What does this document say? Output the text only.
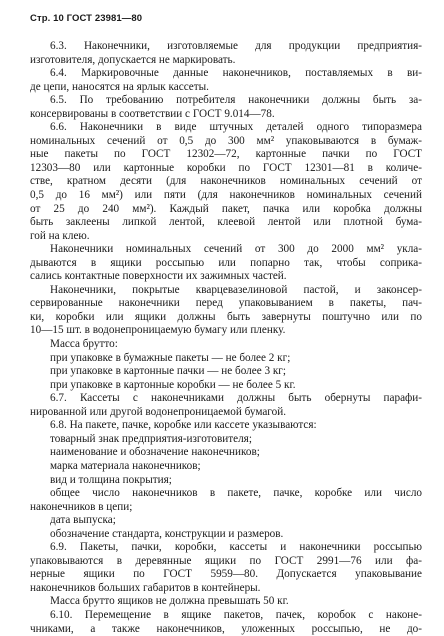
Стр. 10 ГОСТ 23981—80
6.3. Наконечники, изготовляемые для продукции предприятия-
изготовителя, допускается не маркировать.
6.4. Маркировочные данные наконечников, поставляемых в ви-
де цепи, наносятся на ярлык кассеты.
6.5. По требованию потребителя наконечники должны быть за-
консервированы в соответствии с ГОСТ 9.014—78.
6.6. Наконечники в виде штучных деталей одного типоразмера
номинальных сечений от 0,5 до 300 мм² упаковываются в бумаж-
ные пакеты по ГОСТ 12302—72, картонные пачки по ГОСТ
12303—80 или картонные коробки по ГОСТ 12301—81 в количе-
стве, кратном десяти (для наконечников номинальных сечений от
0,5 до 16 мм²) или пяти (для наконечников номинальных сечений
от 25 до 240 мм²). Каждый пакет, пачка или коробка должны
быть заклеены липкой лентой, клеевой лентой или плотной бума-
гой на клею.
Наконечники номинальных сечений от 300 до 2000 мм² укла-
дываются в ящики россыпью или попарно так, чтобы соприка-
сались контактные поверхности их зажимных частей.
Наконечники, покрытые кварцевазелиновой пастой, и законсер-
сервированные наконечники перед упаковыванием в пакеты, пач-
ки, коробки или ящики должны быть завернуты поштучно или по
10—15 шт. в водонепроницаемую бумагу или пленку.
Масса брутто:
при упаковке в бумажные пакеты — не более 2 кг;
при упаковке в картонные пачки — не более 3 кг;
при упаковке в картонные коробки — не более 5 кг.
6.7. Кассеты с наконечниками должны быть обернуты парафи-
нированной или другой водонепроницаемой бумагой.
6.8. На пакете, пачке, коробке или кассете указываются:
товарный знак предприятия-изготовителя;
наименование и обозначение наконечников;
марка материала наконечников;
вид и толщина покрытия;
общее число наконечников в пакете, пачке, коробке или число
наконечников в цепи;
дата выпуска;
обозначение стандарта, конструкции и размеров.
6.9. Пакеты, пачки, коробки, кассеты и наконечники россыпью
упаковываются в деревянные ящики по ГОСТ 2991—76 или фа-
нерные ящики по ГОСТ 5959—80. Допускается упаковывание
наконечников больших габаритов в контейнеры.
Масса брутто ящиков не должна превышать 50 кг.
6.10. Перемещение в ящике пакетов, пачек, коробок с наконе-
чниками, а также наконечников, уложенных россыпью, не до-
